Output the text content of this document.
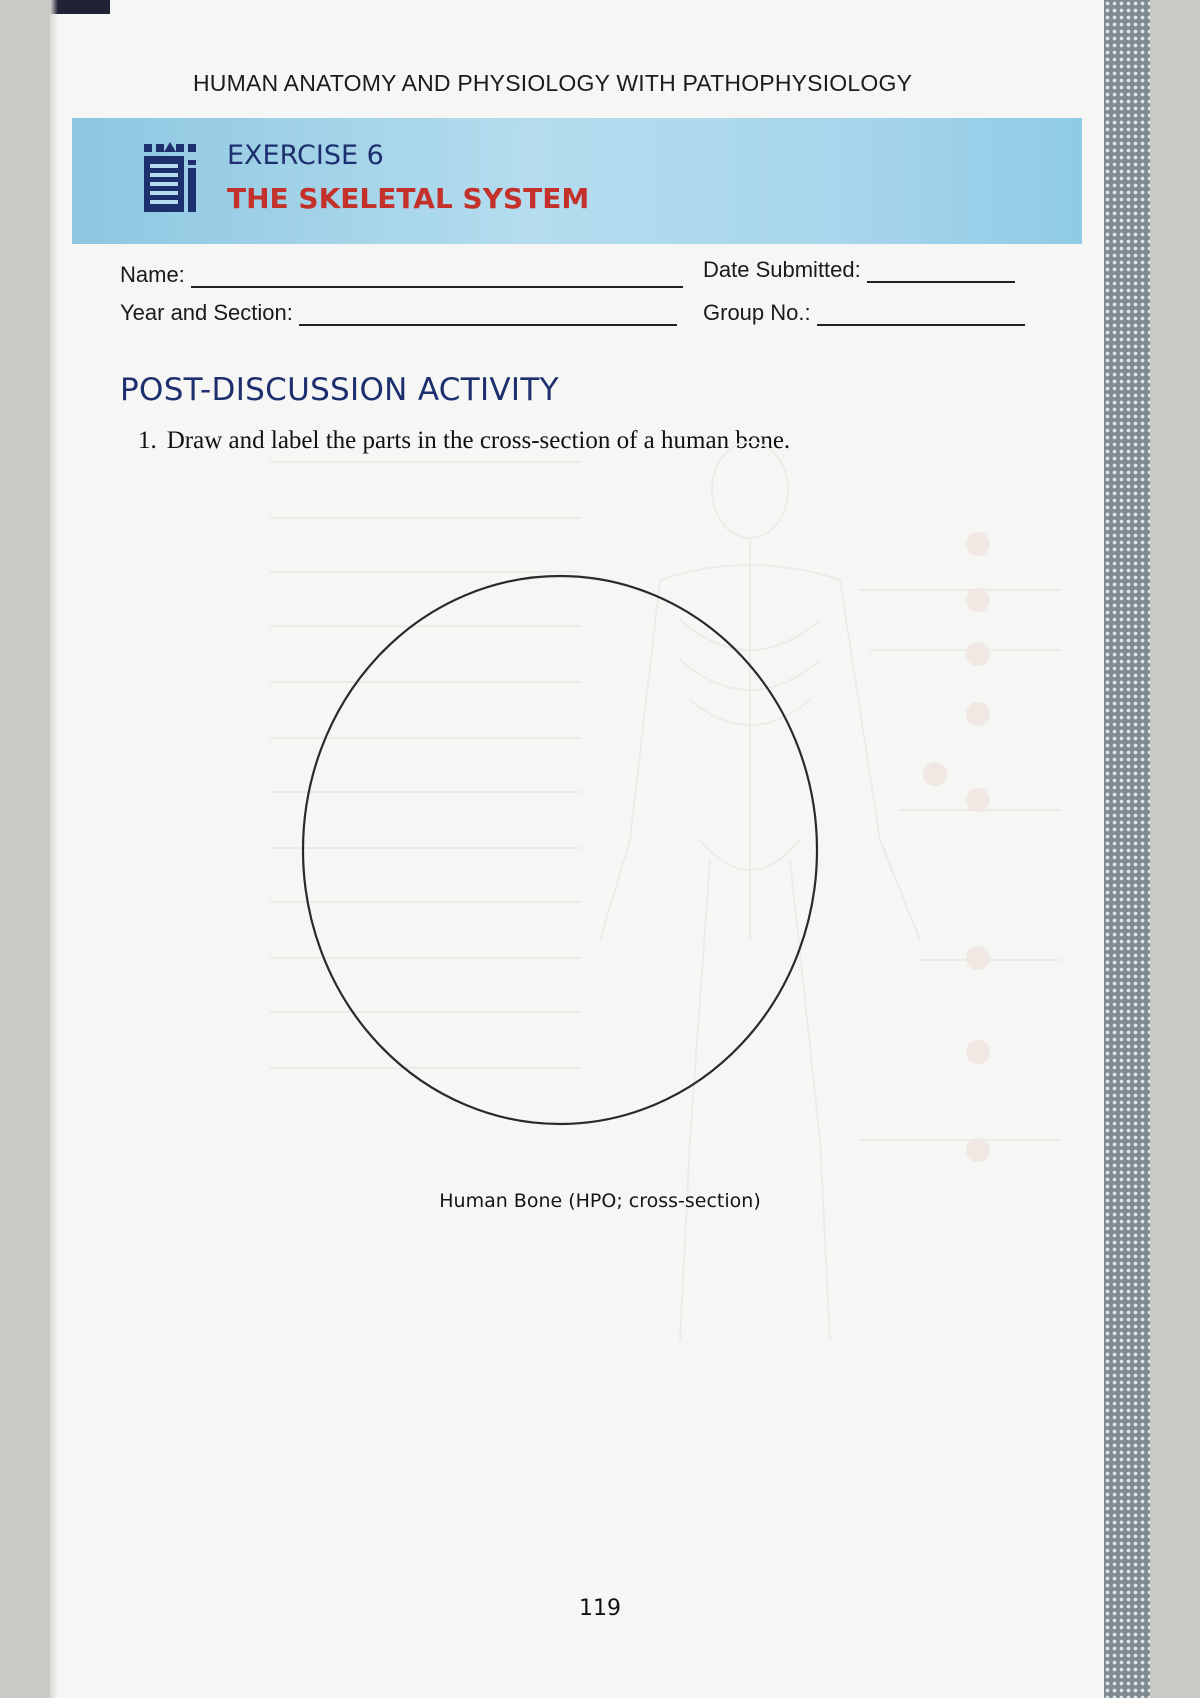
HUMAN ANATOMY AND PHYSIOLOGY WITH PATHOPHYSIOLOGY
EXERCISE 6
THE SKELETAL SYSTEM
Name:	Date Submitted:
Year and Section:	Group No.:
POST-DISCUSSION ACTIVITY
1. Draw and label the parts in the cross-section of a human bone.
Human Bone (HPO; cross-section)
119
